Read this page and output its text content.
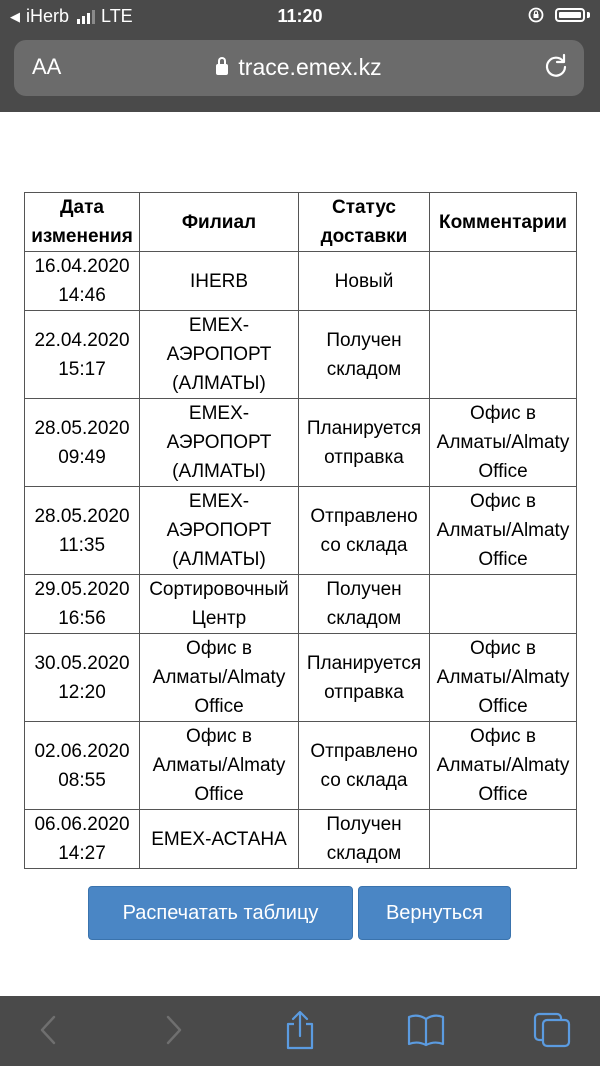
◀ iHerb LTE	11:20
AA	trace.emex.kz
Дата изменения	Филиал	Статус доставки	Комментарии
16.04.2020 14:46	IHERB	Новый	
22.04.2020 15:17	EMEX-АЭРОПОРТ (АЛМАТЫ)	Получен складом	
28.05.2020 09:49	EMEX-АЭРОПОРТ (АЛМАТЫ)	Планируется отправка	Офис в Алматы/Almaty Office
28.05.2020 11:35	EMEX-АЭРОПОРТ (АЛМАТЫ)	Отправлено со склада	Офис в Алматы/Almaty Office
29.05.2020 16:56	Сортировочный Центр	Получен складом	
30.05.2020 12:20	Офис в Алматы/Almaty Office	Планируется отправка	Офис в Алматы/Almaty Office
02.06.2020 08:55	Офис в Алматы/Almaty Office	Отправлено со склада	Офис в Алматы/Almaty Office
06.06.2020 14:27	EMEX-АСТАНА	Получен складом	
Распечатать таблицу	Вернуться
